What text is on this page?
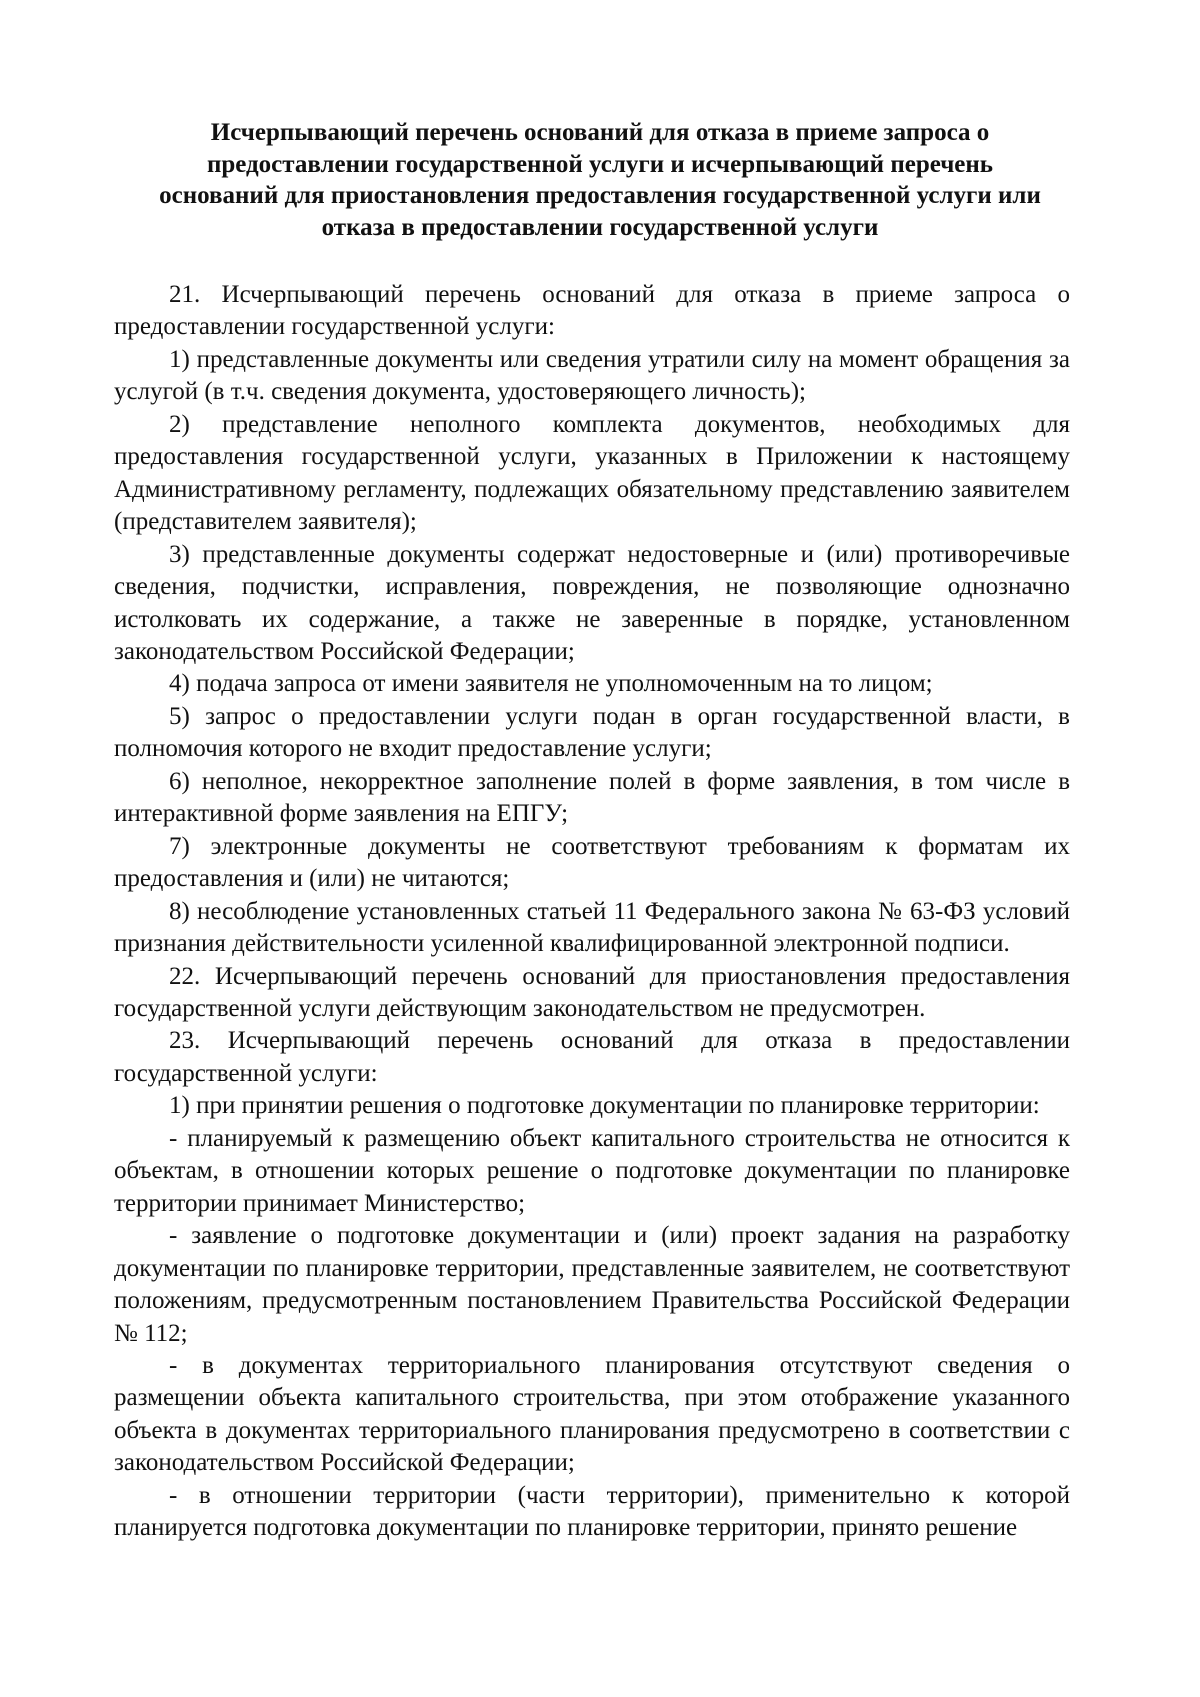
Исчерпывающий перечень оснований для отказа в приеме запроса о
предоставлении государственной услуги и исчерпывающий перечень
оснований для приостановления предоставления государственной услуги или
отказа в предоставлении государственной услуги

21. Исчерпывающий перечень оснований для отказа в приеме запроса о предоставлении государственной услуги:

1) представленные документы или сведения утратили силу на момент обращения за услугой (в т.ч. сведения документа, удостоверяющего личность);

2) представление неполного комплекта документов, необходимых для предоставления государственной услуги, указанных в Приложении к настоящему Административному регламенту, подлежащих обязательному представлению заявителем (представителем заявителя);

3) представленные документы содержат недостоверные и (или) противоречивые сведения, подчистки, исправления, повреждения, не позволяющие однозначно истолковать их содержание, а также не заверенные в порядке, установленном законодательством Российской Федерации;

4) подача запроса от имени заявителя не уполномоченным на то лицом;

5) запрос о предоставлении услуги подан в орган государственной власти, в полномочия которого не входит предоставление услуги;

6) неполное, некорректное заполнение полей в форме заявления, в том числе в интерактивной форме заявления на ЕПГУ;

7) электронные документы не соответствуют требованиям к форматам их предоставления и (или) не читаются;

8) несоблюдение установленных статьей 11 Федерального закона № 63-ФЗ условий признания действительности усиленной квалифицированной электронной подписи.

22. Исчерпывающий перечень оснований для приостановления предоставления государственной услуги действующим законодательством не предусмотрен.

23. Исчерпывающий перечень оснований для отказа в предоставлении государственной услуги:

1) при принятии решения о подготовке документации по планировке территории:

- планируемый к размещению объект капитального строительства не относится к объектам, в отношении которых решение о подготовке документации по планировке территории принимает Министерство;

- заявление о подготовке документации и (или) проект задания на разработку документации по планировке территории, представленные заявителем, не соответствуют положениям, предусмотренным постановлением Правительства Российской Федерации № 112;

- в документах территориального планирования отсутствуют сведения о размещении объекта капитального строительства, при этом отображение указанного объекта в документах территориального планирования предусмотрено в соответствии с законодательством Российской Федерации;

- в отношении территории (части территории), применительно к которой планируется подготовка документации по планировке территории, принято решение
